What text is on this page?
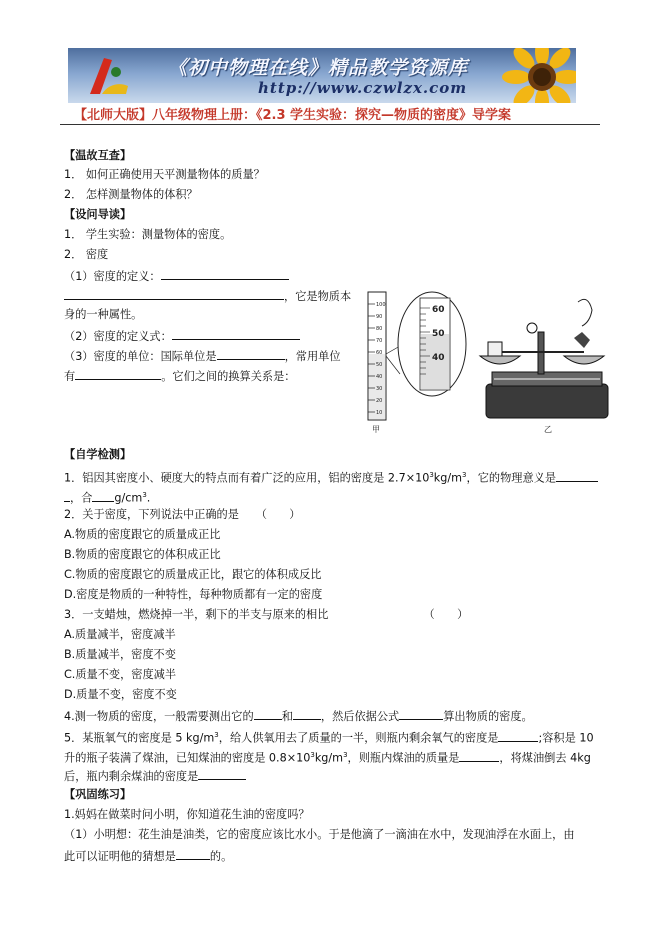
《初中物理在线》精品教学资源库
http://www.czwlzx.com
【北师大版】八年级物理上册：《2.3 学生实验：探究—物质的密度》导学案
【温故互查】
1． 如何正确使用天平测量物体的质量？
2． 怎样测量物体的体积？
【设问导读】
1． 学生实验：测量物体的密度。
2． 密度
（1）密度的定义：
，它是物质本
身的一种属性。
（2）密度的定义式：
（3）密度的单位：国际单位是	，常用单位
有	。它们之间的换算关系是：
100
90
80
70
60
50
40
30
20
10
60
50
40
甲	乙
【自学检测】
1．铝因其密度小、硬度大的特点而有着广泛的应用，铝的密度是 $2.7\times 10^3kg/m^3$，它的物理意义是
，合 $g/cm^3$.
2．关于密度，下列说法中正确的是　　（　　）
A.物质的密度跟它的质量成正比
B.物质的密度跟它的体积成正比
C.物质的密度跟它的质量成正比，跟它的体积成反比
D.密度是物质的一种特性，每种物质都有一定的密度
3．一支蜡烛，燃烧掉一半，剩下的半支与原来的相比　　　　　　　　　（　　）
A.质量减半，密度减半
B.质量减半，密度不变
C.质量不变，密度减半
D.质量不变，密度不变
4.测一物质的密度，一般需要测出它的	和	，然后依据公式	算出物质的密度。
5．某瓶氧气的密度是 5 $kg/m^3$，给人供氧用去了质量的一半，则瓶内剩余氧气的密度是	;容积是 10
升的瓶子装满了煤油，已知煤油的密度是 $0.8\times 10^3kg/m^3$，则瓶内煤油的质量是	，将煤油倒去 4kg
后，瓶内剩余煤油的密度是
【巩固练习】
1.妈妈在做菜时问小明，你知道花生油的密度吗？
（1）小明想：花生油是油类，它的密度应该比水小。于是他滴了一滴油在水中，发现油浮在水面上，由
此可以证明他的猜想是	的。
